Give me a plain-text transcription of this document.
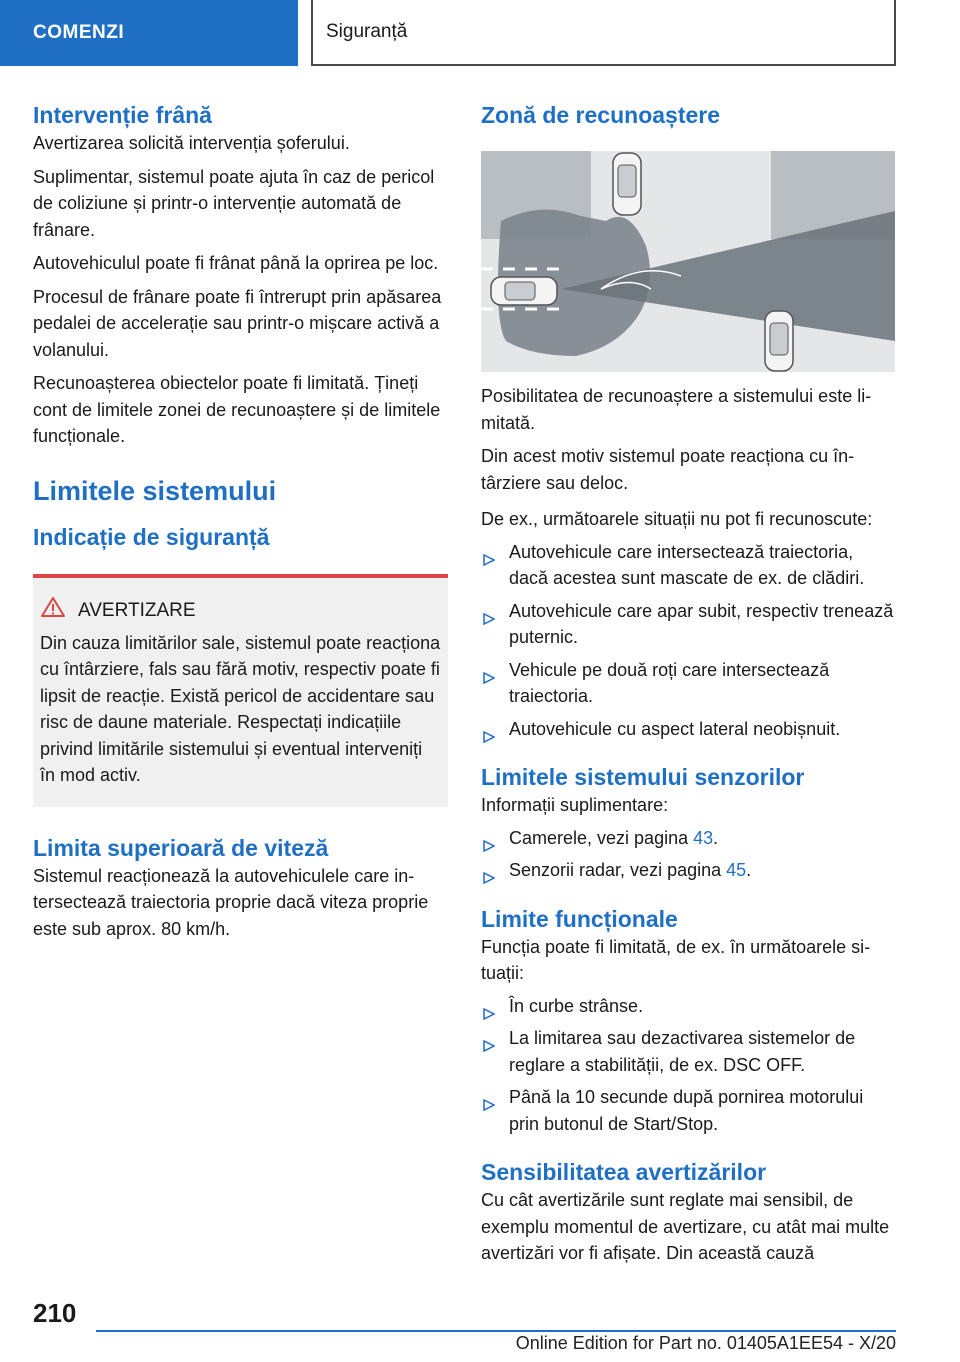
COMENZI	Siguranță
Intervenție frână

Avertizarea solicită intervenția șoferului.

Suplimentar, sistemul poate ajuta în caz de pericol de coliziune și printr-o intervenție automată de frânare.

Autovehiculul poate fi frânat până la oprirea pe loc.

Procesul de frânare poate fi întrerupt prin apăsarea pedalei de accelerație sau printr-o mișcare activă a volanului.

Recunoașterea obiectelor poate fi limitată. Țineți cont de limitele zonei de recunoaștere și de limitele funcționale.

Limitele sistemului
Indicație de siguranță
AVERTIZARE
Din cauza limitărilor sale, sistemul poate reacționa cu întârziere, fals sau fără motiv, respectiv poate fi lipsit de reacție. Există pericol de accidentare sau risc de daune materiale. Respectați indicațiile privind limitările sistemului și eventual interveniți în mod activ.
Limita superioară de viteză

Sistemul reacționează la autovehiculele care intersectează traiectoria proprie dacă viteza proprie este sub aprox. 80 km/h.

Zonă de recunoaștere

Posibilitatea de recunoaștere a sistemului este limitată.

Din acest motiv sistemul poate reacționa cu întârziere sau deloc.

De ex., următoarele situații nu pot fi recunoscute:

Autovehicule care intersectează traiectoria, dacă acestea sunt mascate de ex. de clădiri.
Autovehicule care apar subit, respectiv trenează puternic.
Vehicule pe două roți care intersectează traiectoria.
Autovehicule cu aspect lateral neobișnuit.
Limitele sistemului senzorilor

Informații suplimentare:

Camerele, vezi pagina 43.
Senzorii radar, vezi pagina 45.
Limite funcționale

Funcția poate fi limitată, de ex. în următoarele situații:

În curbe strânse.
La limitarea sau dezactivarea sistemelor de reglare a stabilității, de ex. DSC OFF.
Până la 10 secunde după pornirea motorului prin butonul de Start/Stop.
Sensibilitatea avertizărilor

Cu cât avertizările sunt reglate mai sensibil, de exemplu momentul de avertizare, cu atât mai multe avertizări vor fi afișate. Din această cauză

210
Online Edition for Part no. 01405A1EE54 - X/20
